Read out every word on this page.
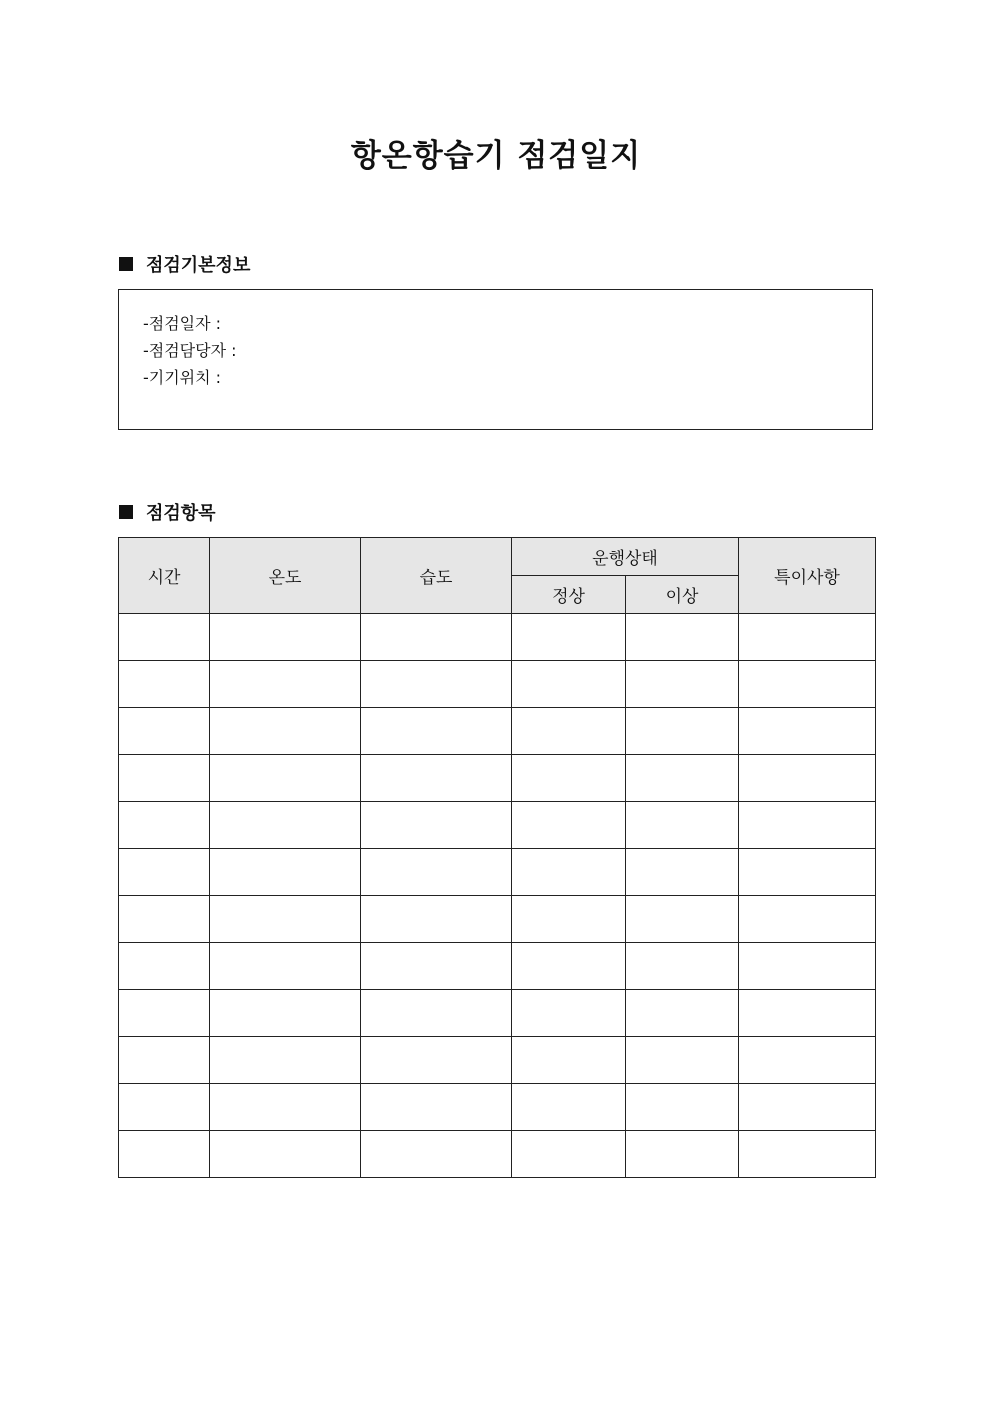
항온항습기 점검일지
점검기본정보
-점검일자 :
-점검담당자 :
-기기위치 :
점검항목
시간	온도	습도	운행상태		특이사항
			정상	이상	
